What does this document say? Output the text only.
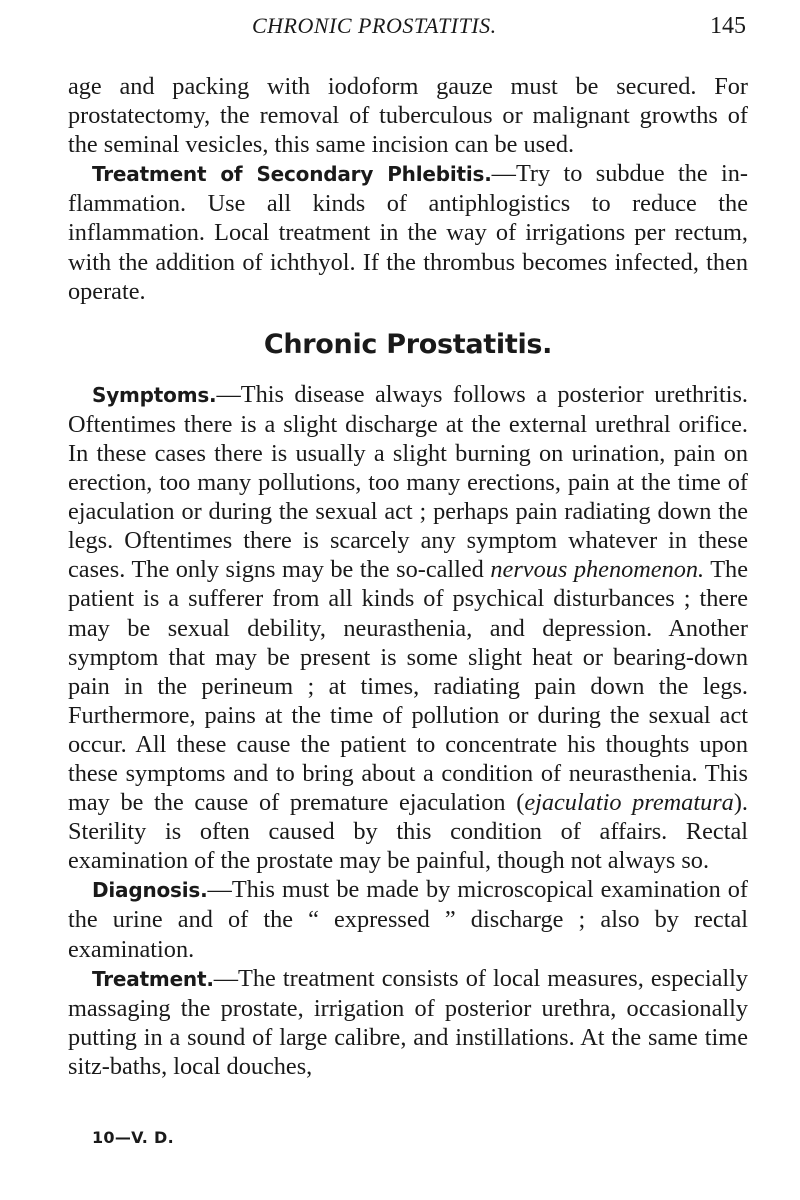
CHRONIC PROSTATITIS.	145

age and packing with iodoform gauze must be secured. For prostatectomy, the removal of tuberculous or malignant growths of the seminal vesicles, this same incision can be used.

Treatment of Secondary Phlebitis.—Try to subdue the inflammation. Use all kinds of antiphlogistics to reduce the inflammation. Local treatment in the way of irrigations per rectum, with the addition of ichthyol. If the thrombus becomes infected, then operate.

Chronic Prostatitis.

Symptoms.—This disease always follows a posterior urethritis. Oftentimes there is a slight discharge at the external urethral orifice. In these cases there is usually a slight burning on urination, pain on erection, too many pollutions, too many erections, pain at the time of ejaculation or during the sexual act ; perhaps pain radiating down the legs. Oftentimes there is scarcely any symptom whatever in these cases. The only signs may be the so-called nervous phenomenon. The patient is a sufferer from all kinds of psychical disturbances ; there may be sexual debility, neurasthenia, and depression. Another symptom that may be present is some slight heat or bearing-down pain in the perineum ; at times, radiating pain down the legs. Furthermore, pains at the time of pollution or during the sexual act occur. All these cause the patient to concentrate his thoughts upon these symptoms and to bring about a condition of neurasthenia. This may be the cause of premature ejaculation (ejaculatio prematura). Sterility is often caused by this condition of affairs. Rectal examination of the prostate may be painful, though not always so.

Diagnosis.—This must be made by microscopical examination of the urine and of the “ expressed ” discharge ; also by rectal examination.

Treatment.—The treatment consists of local measures, especially massaging the prostate, irrigation of posterior urethra, occasionally putting in a sound of large calibre, and instillations. At the same time sitz-baths, local douches,

10—V. D.
